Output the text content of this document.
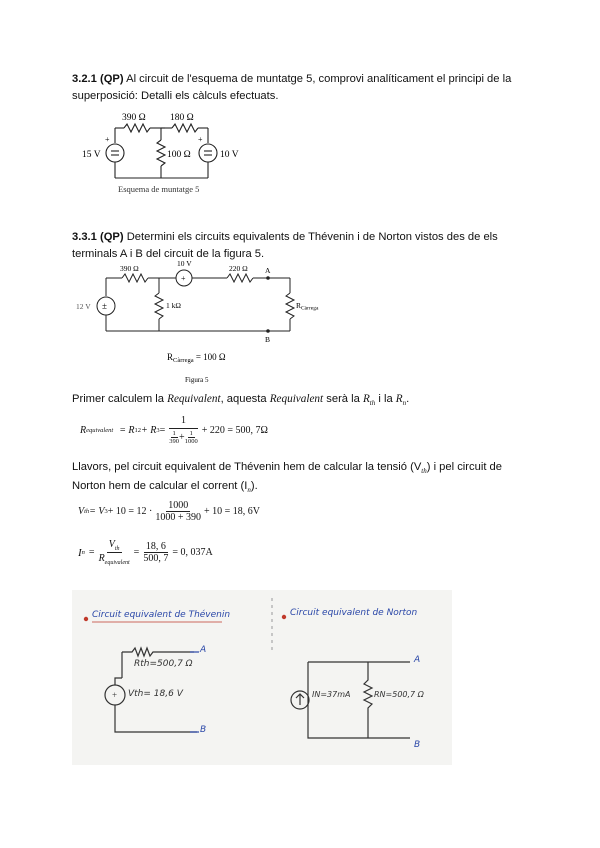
3.2.1 (QP) Al circuit de l'esquema de muntatge 5, comprovi analíticament el principi de la superposició: Detalli els càlculs efectuats.
+	+
390 Ω	180 Ω
100 Ω
15 V	10 V
Esquema de muntatge 5
3.3.1 (QP) Determini els circuits equivalents de Thévenin i de Norton vistos des de els terminals A i B del circuit de la figura 5.
±
+
390 Ω
10 V
220 Ω A
12 V	1 kΩ	$R_{Càrrega}$
B
$R_{Càrrega} = 100$ Ω
Figura 5
Primer calculem la Requivalent, aquesta Requivalent serà la $R_{th}$ i la $R_n$.
R equivalent = R 12 + R $3 = \frac{1}{\frac{1}{390} + \frac{1}{1000}} + 220 = 500$, 7Ω
Llavors, pel circuit equivalent de Thévenin hem de calcular la tensió $(V_{th})$ i pel circuit de
Norton hem de calcular el corrent $(I_n)$.
V th = V $3 + 10 = 12 \cdot \frac{1000}{1000 + 390} + 10 = 18$, 6V
I $n = \frac{V_{th}}{R_{equivalent}} = \frac{18, 6}{500, 7} = 0$, 037A
+
Circuit equivalent de Thévenin
Rth=500,7 Ω
Vth= 18,6 V
A
B
Circuit equivalent de Norton
IN=37mA	RN=500,7 Ω
A
B
